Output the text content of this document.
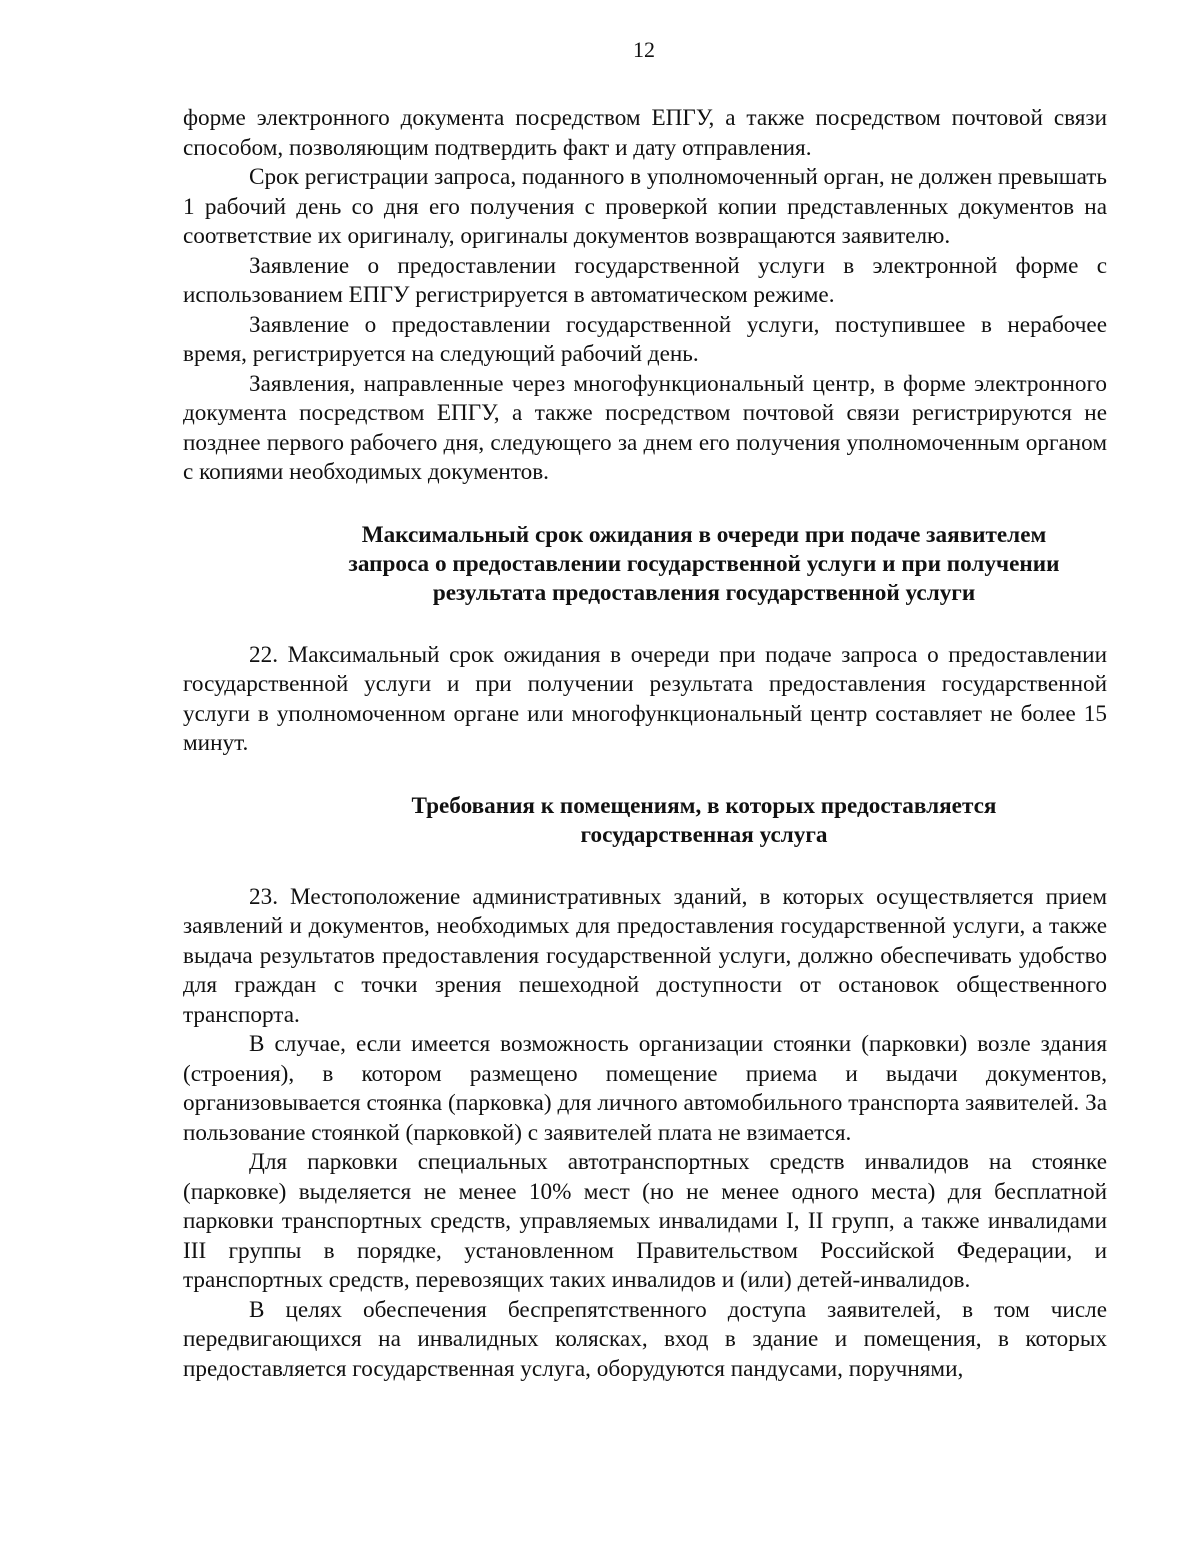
12

форме электронного документа посредством ЕПГУ, а также посредством почтовой связи способом, позволяющим подтвердить факт и дату отправления.

Срок регистрации запроса, поданного в уполномоченный орган, не должен превышать 1 рабочий день со дня его получения с проверкой копии представленных документов на соответствие их оригиналу, оригиналы документов возвращаются заявителю.

Заявление о предоставлении государственной услуги в электронной форме с использованием ЕПГУ регистрируется в автоматическом режиме.

Заявление о предоставлении государственной услуги, поступившее в нерабочее время, регистрируется на следующий рабочий день.

Заявления, направленные через многофункциональный центр, в форме электронного документа посредством ЕПГУ, а также посредством почтовой связи регистрируются не позднее первого рабочего дня, следующего за днем его получения уполномоченным органом с копиями необходимых документов.

Максимальный срок ожидания в очереди при подаче заявителем
запроса о предоставлении государственной услуги и при получении
результата предоставления государственной услуги

22. Максимальный срок ожидания в очереди при подаче запроса о предоставлении государственной услуги и при получении результата предоставления государственной услуги в уполномоченном органе или многофункциональный центр составляет не более 15 минут.

Требования к помещениям, в которых предоставляется
государственная услуга

23. Местоположение административных зданий, в которых осуществляется прием заявлений и документов, необходимых для предоставления государственной услуги, а также выдача результатов предоставления государственной услуги, должно обеспечивать удобство для граждан с точки зрения пешеходной доступности от остановок общественного транспорта.

В случае, если имеется возможность организации стоянки (парковки) возле здания (строения), в котором размещено помещение приема и выдачи документов, организовывается стоянка (парковка) для личного автомобильного транспорта заявителей. За пользование стоянкой (парковкой) с заявителей плата не взимается.

Для парковки специальных автотранспортных средств инвалидов на стоянке (парковке) выделяется не менее 10% мест (но не менее одного места) для бесплатной парковки транспортных средств, управляемых инвалидами I, II групп, а также инвалидами III группы в порядке, установленном Правительством Российской Федерации, и транспортных средств, перевозящих таких инвалидов и (или) детей-инвалидов.

В целях обеспечения беспрепятственного доступа заявителей, в том числе передвигающихся на инвалидных колясках, вход в здание и помещения, в которых предоставляется государственная услуга, оборудуются пандусами, поручнями,
